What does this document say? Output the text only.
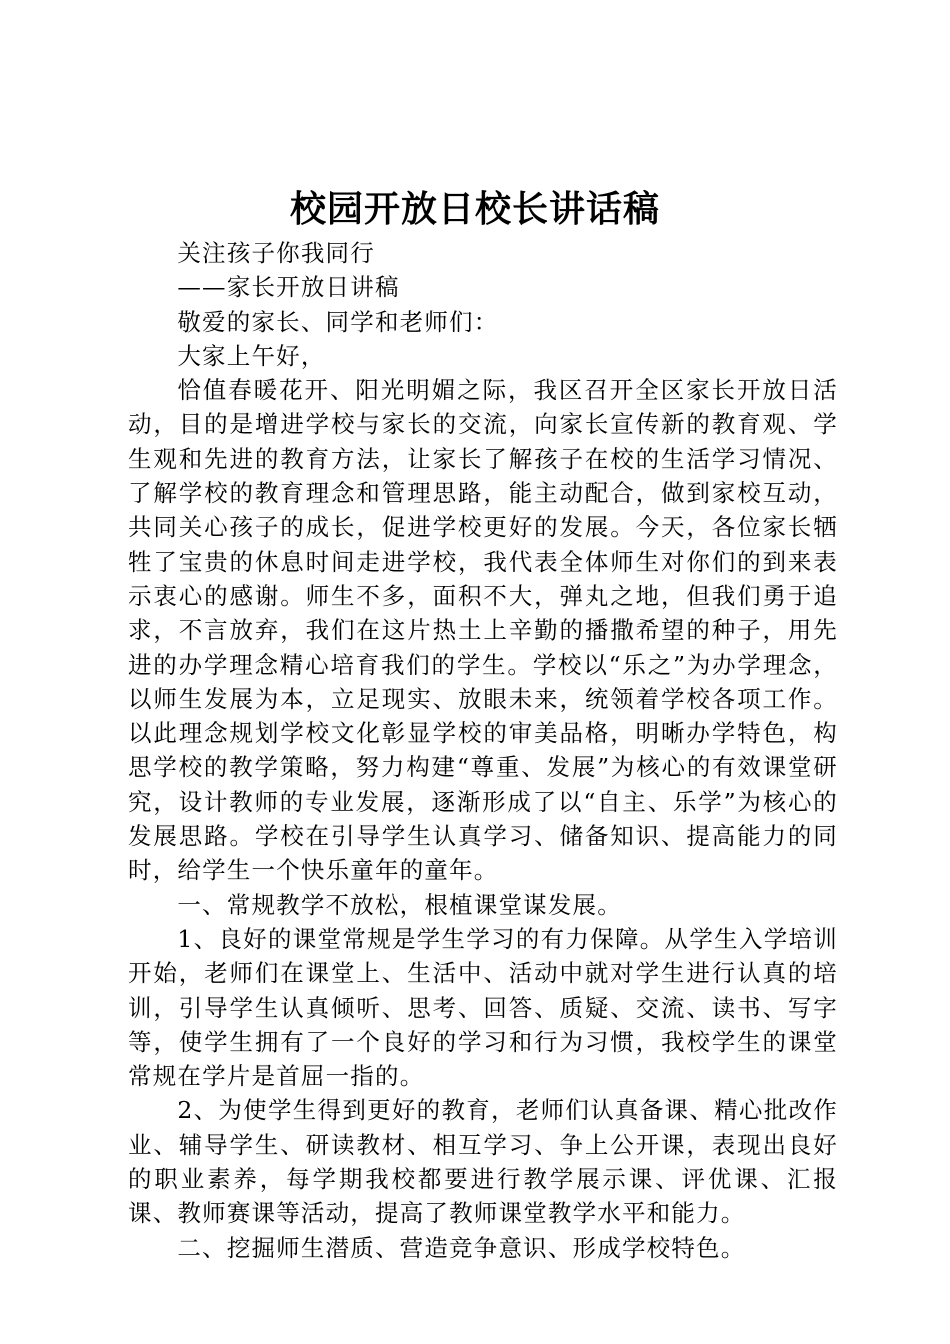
校园开放日校长讲话稿

关注孩子你我同行

——家长开放日讲稿

敬爱的家长、同学和老师们：

大家上午好，

恰值春暖花开、阳光明媚之际，我区召开全区家长开放日活动，目的是增进学校与家长的交流，向家长宣传新的教育观、学生观和先进的教育方法，让家长了解孩子在校的生活学习情况、了解学校的教育理念和管理思路，能主动配合，做到家校互动，共同关心孩子的成长，促进学校更好的发展。今天，各位家长牺牲了宝贵的休息时间走进学校，我代表全体师生对你们的到来表示衷心的感谢。师生不多，面积不大，弹丸之地，但我们勇于追求，不言放弃，我们在这片热土上辛勤的播撒希望的种子，用先进的办学理念精心培育我们的学生。学校以“乐之”为办学理念，以师生发展为本，立足现实、放眼未来，统领着学校各项工作。以此理念规划学校文化彰显学校的审美品格，明晰办学特色，构思学校的教学策略，努力构建“尊重、发展”为核心的有效课堂研究，设计教师的专业发展，逐渐形成了以“自主、乐学”为核心的发展思路。学校在引导学生认真学习、储备知识、提高能力的同时，给学生一个快乐童年的童年。

一、常规教学不放松，根植课堂谋发展。

1、良好的课堂常规是学生学习的有力保障。从学生入学培训开始，老师们在课堂上、生活中、活动中就对学生进行认真的培训，引导学生认真倾听、思考、回答、质疑、交流、读书、写字等，使学生拥有了一个良好的学习和行为习惯，我校学生的课堂常规在学片是首屈一指的。

2、为使学生得到更好的教育，老师们认真备课、精心批改作业、辅导学生、研读教材、相互学习、争上公开课，表现出良好的职业素养，每学期我校都要进行教学展示课、评优课、汇报课、教师赛课等活动，提高了教师课堂教学水平和能力。

二、挖掘师生潜质、营造竞争意识、形成学校特色。
